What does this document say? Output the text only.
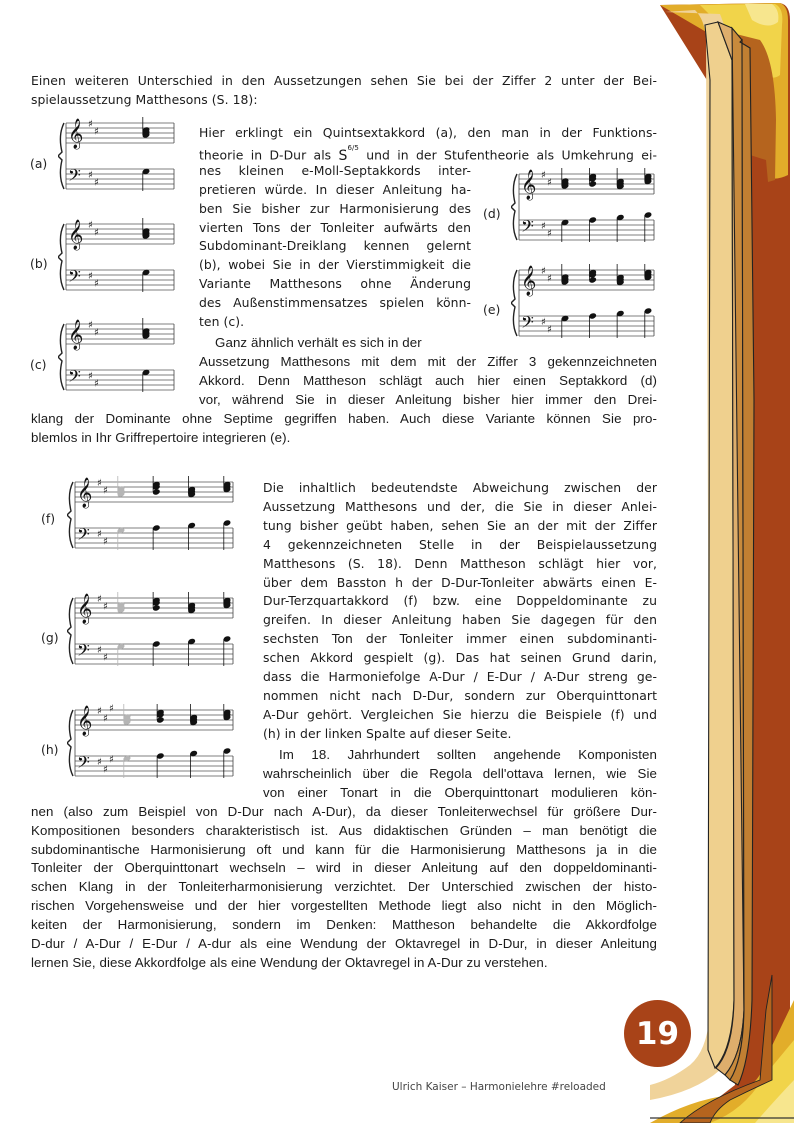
Einen weiteren Unterschied in den Aussetzungen sehen Sie bei der Ziffer 2 unter der Bei-
spielaussetzung Matthesons (S. 18):
Hier erklingt ein Quintsextakkord (a), den man in der Funktions-
theorie in D-Dur als $S^{6/5}$ und in der Stufentheorie als Umkehrung ei-
nes kleinen e-Moll-Septakkords inter-
pretieren würde. In dieser Anleitung ha-
ben Sie bisher zur Harmonisierung des
vierten Tons der Tonleiter aufwärts den
Subdominant-Dreiklang kennen gelernt
(b), wobei Sie in der Vierstimmigkeit die
Variante Matthesons ohne Änderung
des Außenstimmensatzes spielen könn-
ten (c).
Ganz ähnlich verhält es sich in der
Aussetzung Matthesons mit dem mit der Ziffer 3 gekennzeichneten
Akkord. Denn Mattheson schlägt auch hier einen Septakkord (d)
vor, während Sie in dieser Anleitung bisher hier immer den Drei-
klang der Dominante ohne Septime gegriffen haben. Auch diese Variante können Sie pro-
blemlos in Ihr Griffrepertoire integrieren (e).
Die inhaltlich bedeutendste Abweichung zwischen der
Aussetzung Matthesons und der, die Sie in dieser Anlei-
tung bisher geübt haben, sehen Sie an der mit der Ziffer
4 gekennzeichneten Stelle in der Beispielaussetzung
Matthesons (S. 18). Denn Mattheson schlägt hier vor,
über dem Basston h der D-Dur-Tonleiter abwärts einen E-
Dur-Terzquartakkord (f) bzw. eine Doppeldominante zu
greifen. In dieser Anleitung haben Sie dagegen für den
sechsten Ton der Tonleiter immer einen subdominanti-
schen Akkord gespielt (g). Das hat seinen Grund darin,
dass die Harmoniefolge A-Dur / E-Dur / A-Dur streng ge-
nommen nicht nach D-Dur, sondern zur Oberquinttonart
A-Dur gehört. Vergleichen Sie hierzu die Beispiele (f) und
(h) in der linken Spalte auf dieser Seite.
Im 18. Jahrhundert sollten angehende Komponisten
wahrscheinlich über die Regola dell'ottava lernen, wie Sie
von einer Tonart in die Oberquinttonart modulieren kön-
nen (also zum Beispiel von D-Dur nach A-Dur), da dieser Tonleiterwechsel für größere Dur-
Kompositionen besonders charakteristisch ist. Aus didaktischen Gründen – man benötigt die
subdominantische Harmonisierung oft und kann für die Harmonisierung Matthesons ja in die
Tonleiter der Oberquinttonart wechseln – wird in dieser Anleitung auf den doppeldominanti-
schen Klang in der Tonleiterharmonisierung verzichtet. Der Unterschied zwischen der histo-
rischen Vorgehensweise und der hier vorgestellten Methode liegt also nicht in den Möglich-
keiten der Harmonisierung, sondern im Denken: Mattheson behandelte die Akkordfolge
D-dur / A-Dur / E-Dur / A-dur als eine Wendung der Oktavregel in D-Dur, in dieser Anleitung
lernen Sie, diese Akkordfolge als eine Wendung der Oktavregel in A-Dur zu verstehen.
(a)
(b)
(c)
(d)
(e)
(f)
(g)
(h)
𝄞
𝄢
♯
♯
♯
♯
𝄞
𝄢
♯
♯
♯
♯
𝄞
𝄢
♯
♯
♯
♯
𝄞
𝄢
♯
♯
♯
♯
𝄞
𝄢
♯
♯
♯
♯
𝄞
𝄢
♯
♯
♯
♯
𝄞
𝄢
♯
♯
♯
♯
𝄞
𝄢
♯
♯
♯
♯
♯
♯
19
Ulrich Kaiser – Harmonielehre #reloaded
